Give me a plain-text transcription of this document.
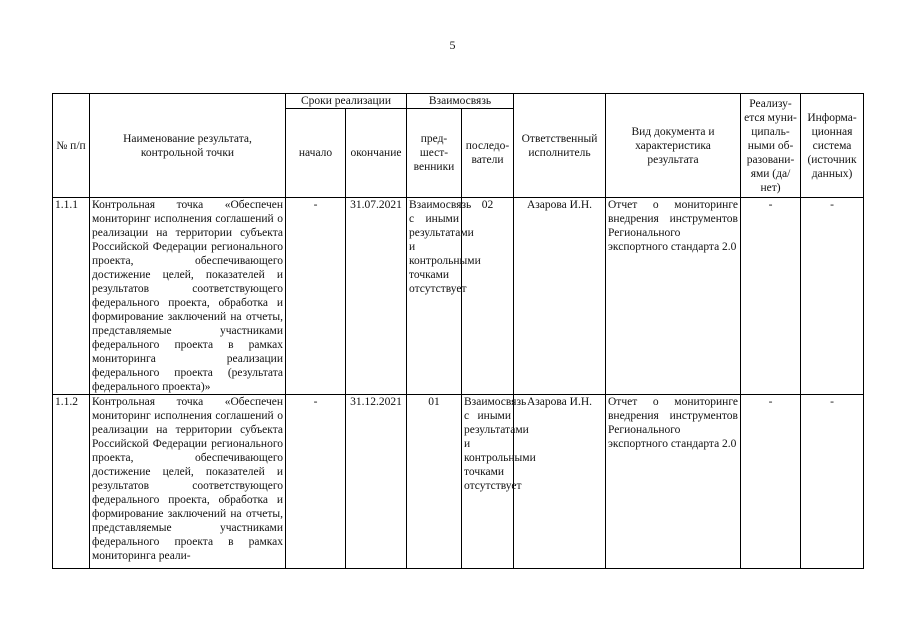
5
№ п/п	Наименование результата, контрольной точки	Сроки реализации		Взаимосвязь		Ответственный исполнитель	Вид документа и характеристика результата	Реализу- ется муни- ципаль- ными об- разовани- ями (да/нет)	Информа- ционная система (источник данных)
		начало	окончание	пред- шест- венники	последо- ватели				
1.1.1	Контрольная точка «Обеспечен мониторинг исполнения соглашений о реализации на территории субъекта Российской Федерации регионального проекта, обеспечивающего достижение целей, показателей и результатов соответствующего федерального проекта, обработка и формирование заключений на отчеты, представляемые участниками федерального проекта в рамках мониторинга реализации федерального проекта (результата федерального проекта)»	-	31.07.2021	Взаимосвязь с иными результатами и контрольными точками отсутствует	02	Азарова И.Н.	Отчет о мониторинге внедрения инструментов Регионального экспортного стандарта 2.0	-	-
1.1.2	Контрольная точка «Обеспечен мониторинг исполнения соглашений о реализации на территории субъекта Российской Федерации регионального проекта, обеспечивающего достижение целей, показателей и результатов соответствующего федерального проекта, обработка и формирование заключений на отчеты, представляемые участниками федерального проекта в рамках мониторинга реали-	-	31.12.2021	01	Взаимосвязь с иными результатами и контрольными точками отсутствует	Азарова И.Н.	Отчет о мониторинге внедрения инструментов Регионального экспортного стандарта 2.0	-	-
